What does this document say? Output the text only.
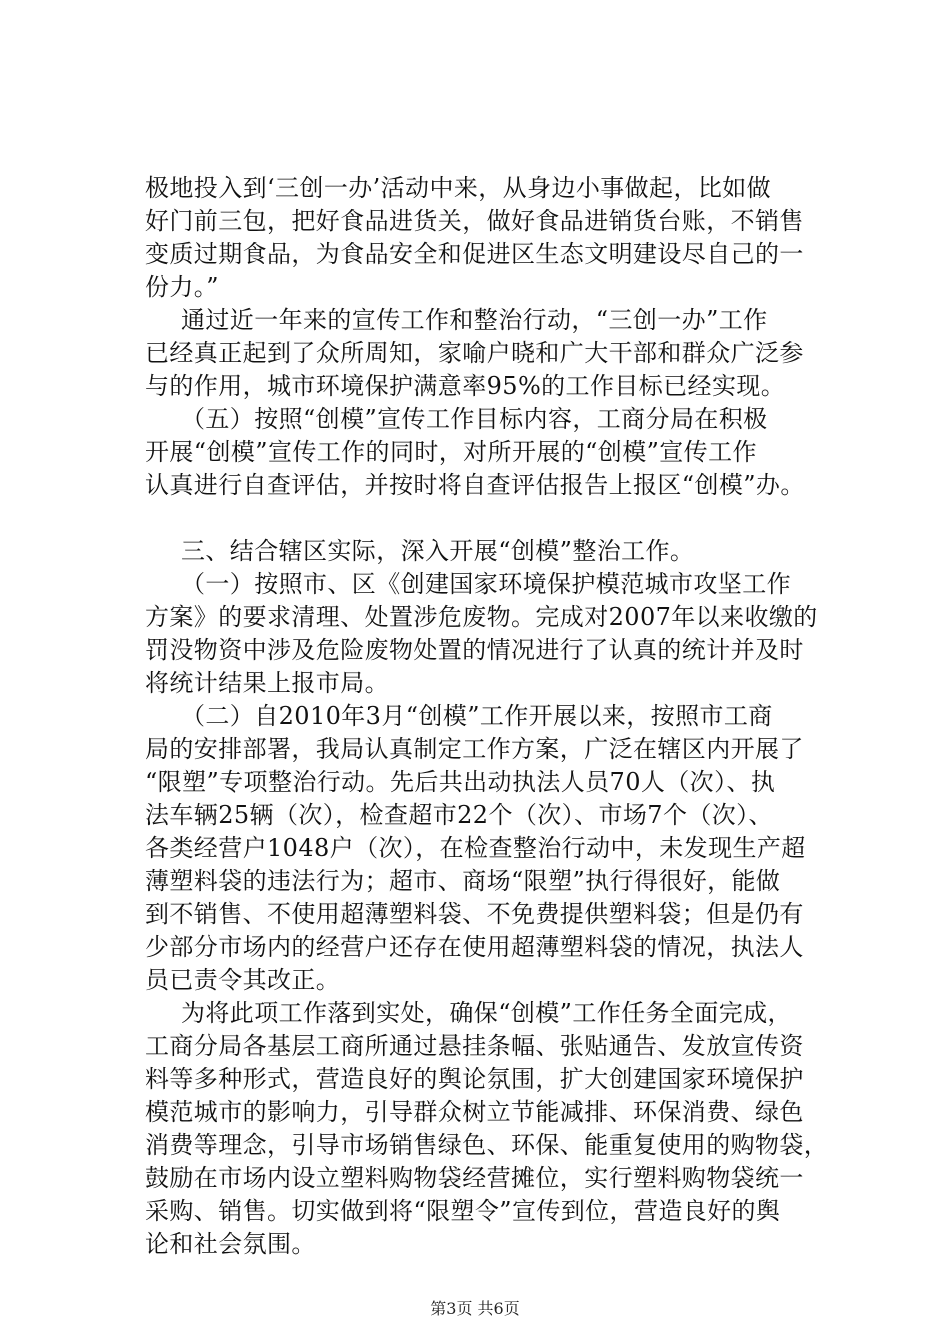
极地投入到‘三创一办’活动中来，从身边小事做起，比如做
好门前三包，把好食品进货关，做好食品进销货台账，不销售
变质过期食品，为食品安全和促进区生态文明建设尽自己的一
份力。”
通过近一年来的宣传工作和整治行动，“三创一办”工作
已经真正起到了众所周知，家喻户晓和广大干部和群众广泛参
与的作用，城市环境保护满意率95%的工作目标已经实现。
（五）按照“创模”宣传工作目标内容，工商分局在积极
开展“创模”宣传工作的同时，对所开展的“创模”宣传工作
认真进行自查评估，并按时将自查评估报告上报区“创模”办。
三、结合辖区实际，深入开展“创模”整治工作。
（一）按照市、区《创建国家环境保护模范城市攻坚工作
方案》的要求清理、处置涉危废物。完成对2007年以来收缴的
罚没物资中涉及危险废物处置的情况进行了认真的统计并及时
将统计结果上报市局。
（二）自2010年3月“创模”工作开展以来，按照市工商
局的安排部署，我局认真制定工作方案，广泛在辖区内开展了
“限塑”专项整治行动。先后共出动执法人员70人（次）、执
法车辆25辆（次），检查超市22个（次）、市场7个（次）、
各类经营户1048户（次），在检查整治行动中，未发现生产超
薄塑料袋的违法行为；超市、商场“限塑”执行得很好，能做
到不销售、不使用超薄塑料袋、不免费提供塑料袋；但是仍有
少部分市场内的经营户还存在使用超薄塑料袋的情况，执法人
员已责令其改正。
为将此项工作落到实处，确保“创模”工作任务全面完成，
工商分局各基层工商所通过悬挂条幅、张贴通告、发放宣传资
料等多种形式，营造良好的舆论氛围，扩大创建国家环境保护
模范城市的影响力，引导群众树立节能减排、环保消费、绿色
消费等理念，引导市场销售绿色、环保、能重复使用的购物袋，
鼓励在市场内设立塑料购物袋经营摊位，实行塑料购物袋统一
采购、销售。切实做到将“限塑令”宣传到位，营造良好的舆
论和社会氛围。
第3页 共6页
